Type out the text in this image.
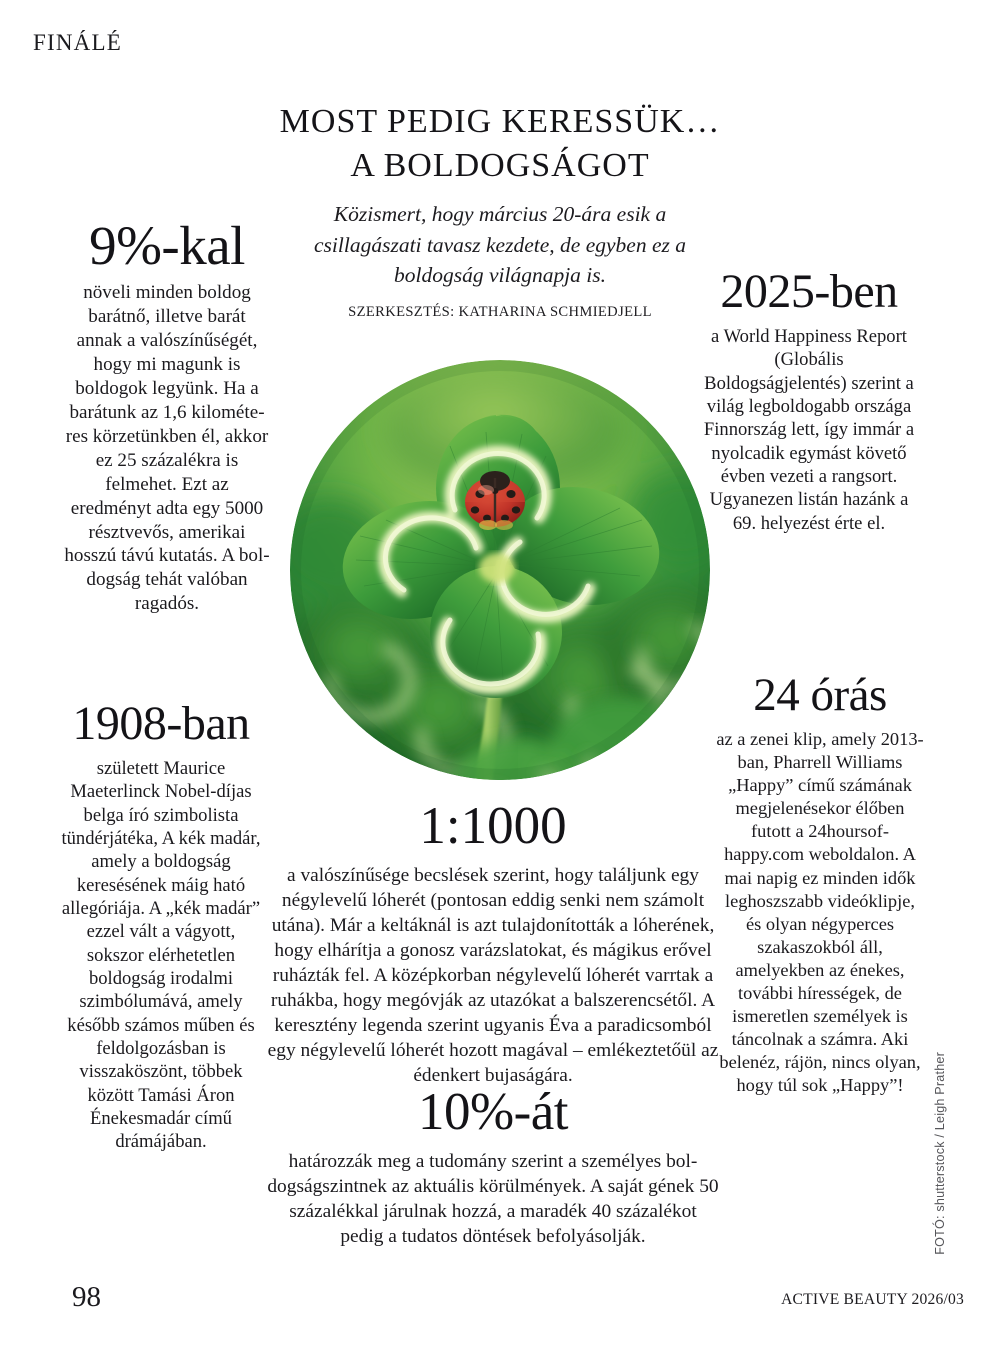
FINÁLÉ
MOST PEDIG KERESSÜK…
A BOLDOGSÁGOT
Közismert, hogy március 20-ára esik a csillagászati tavasz kezdete, de egyben ez a boldogság világnapja is.
SZERKESZTÉS: KATHARINA SCHMIEDJELL
9%-kal
növeli minden boldog barátnő, illetve barát annak a valószínűségét, hogy mi magunk is boldogok legyünk. Ha a barátunk az 1,6 kilométeres körzetünkben él, akkor ez 25 százalékra is felmehet. Ezt az eredményt adta egy 5000 résztvevős, amerikai hosszú távú kutatás. A boldogság tehát valóban ragadós.
2025-ben
a World Happiness Report (Globális Boldogságjelentés) szerint a világ legboldogabb országa Finnország lett, így immár a nyolcadik egymást követő évben vezeti a rangsort. Ugyanezen listán hazánk a 69. helyezést érte el.
1908-ban
született Maurice Maeterlinck Nobel-díjas belga író szimbolista tündérjátéka, A kék madár, amely a boldogság keresésének máig ható allegóriája. A „kék madár” ezzel vált a vágyott, sokszor elérhetetlen boldogság irodalmi szimbólumává, amely később számos műben és feldolgozásban is visszaköszönt, többek között Tamási Áron Énekesmadár című drámájában.
24 órás
az a zenei klip, amely 2013-ban, Pharrell Williams „Happy” című számának megjelenésekor élőben futott a 24hoursofhappy.com weboldalon. A mai napig ez minden idők leghoszszabb videóklipje, és olyan négyperces szakaszokból áll, amelyekben az énekes, további hírességek, de ismeretlen személyek is táncolnak a számra. Aki belenéz, rájön, nincs olyan, hogy túl sok „Happy”!
1:1000
a valószínűsége becslések szerint, hogy találjunk egy négylevelű lóherét (pontosan eddig senki nem számolt utána). Már a keltáknál is azt tulajdonították a lóherének, hogy elhárítja a gonosz varázslatokat, és mágikus erővel ruházták fel. A középkorban négylevelű lóherét varrtak a ruhákba, hogy megóvják az utazókat a balszerencsétől. A keresztény legenda szerint ugyanis Éva a paradicsomból egy négylevelű lóherét hozott magával – emlékeztetőül az édenkert bujaságára.
10%-át
határozzák meg a tudomány szerint a személyes boldogságszintnek az aktuális körülmények. A saját gének 50 százalékkal járulnak hozzá, a maradék 40 százalékot pedig a tudatos döntések befolyásolják.	FOTÓ: shutterstock / Leigh Prather
98	ACTIVE BEAUTY 2026/03
